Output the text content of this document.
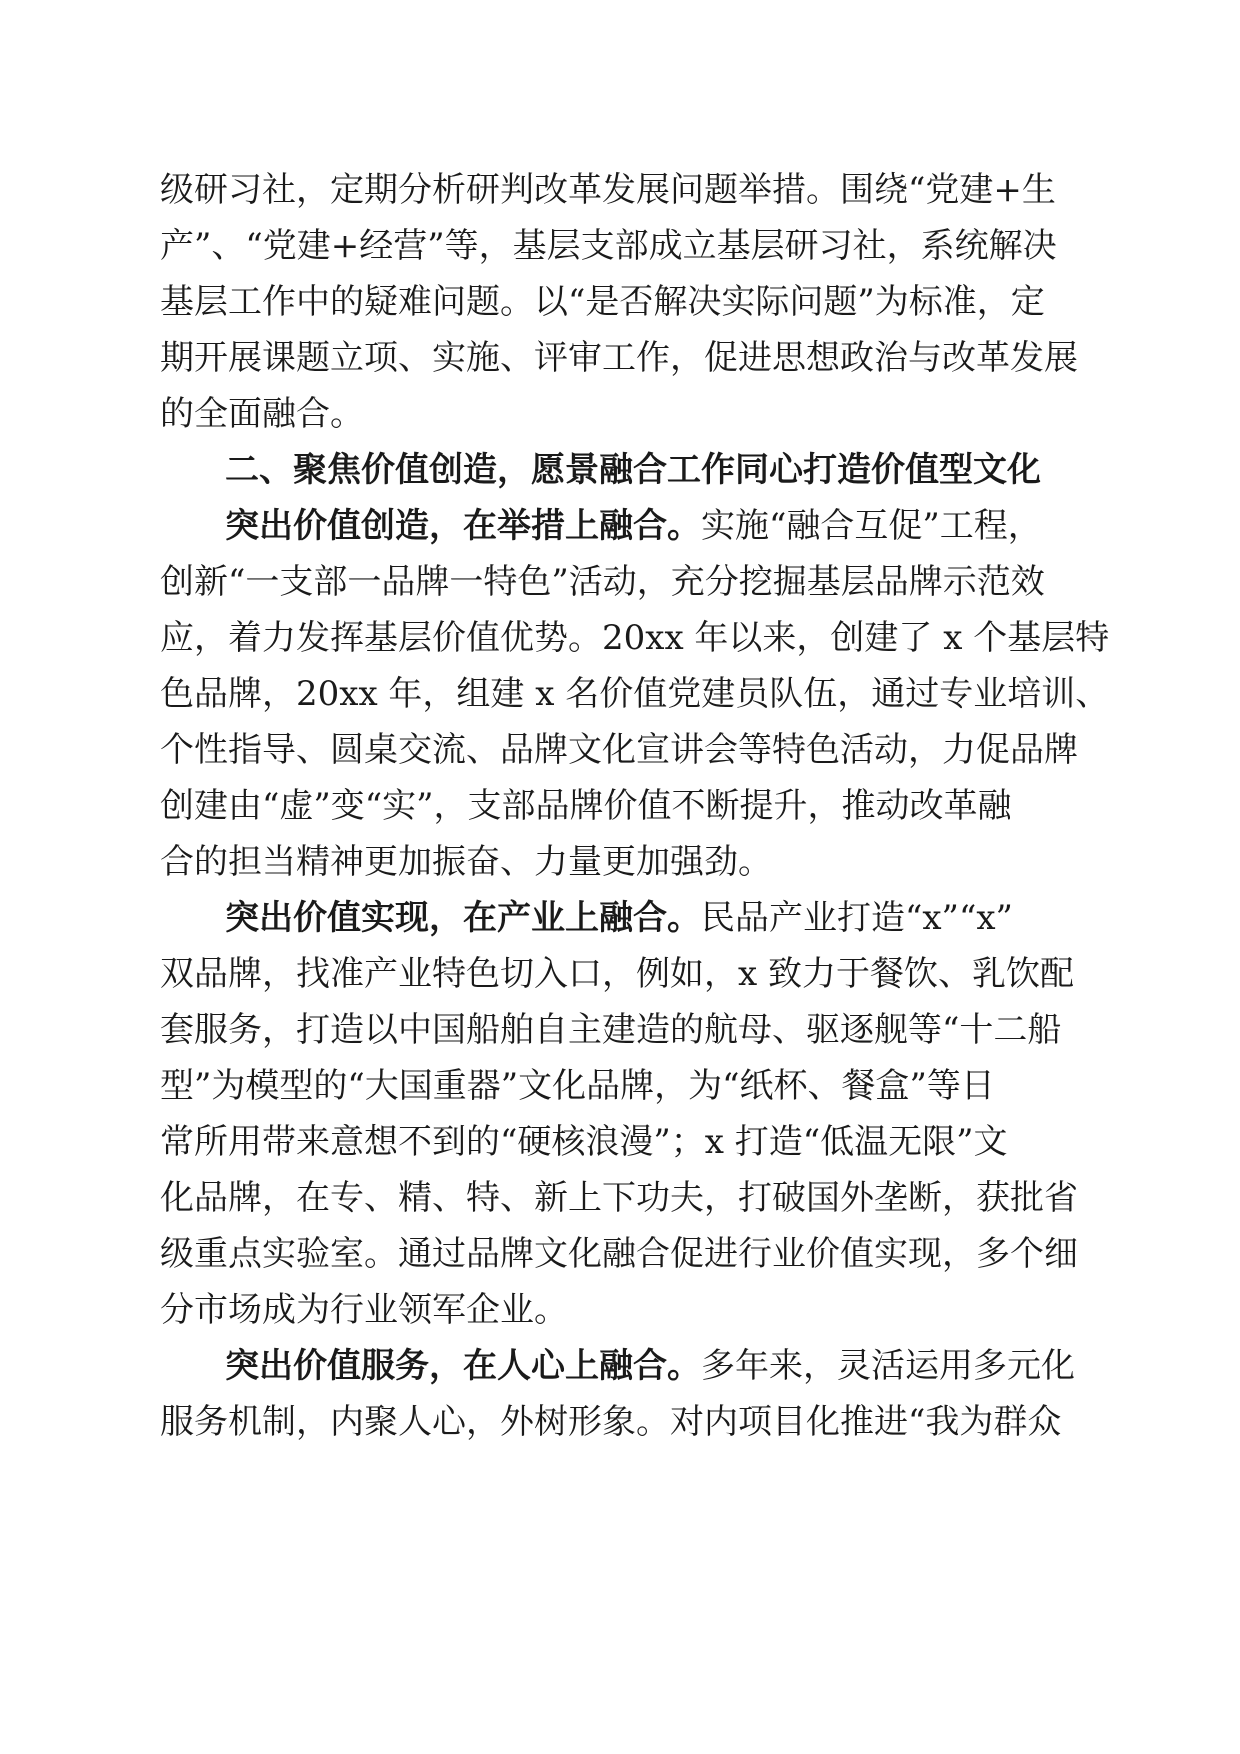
级研习社，定期分析研判改革发展问题举措。围绕“党建+生
产”、“党建+经营”等，基层支部成立基层研习社，系统解决
基层工作中的疑难问题。以“是否解决实际问题”为标准，定
期开展课题立项、实施、评审工作，促进思想政治与改革发展
的全面融合。
二、聚焦价值创造，愿景融合工作同心打造价值型文化
突出价值创造，在举措上融合。实施“融合互促”工程，
创新“一支部一品牌一特色”活动，充分挖掘基层品牌示范效
应，着力发挥基层价值优势。20xx 年以来，创建了 x 个基层特
色品牌，20xx 年，组建 x 名价值党建员队伍，通过专业培训、
个性指导、圆桌交流、品牌文化宣讲会等特色活动，力促品牌
创建由“虚”变“实”，支部品牌价值不断提升，推动改革融
合的担当精神更加振奋、力量更加强劲。
突出价值实现，在产业上融合。民品产业打造“x”“x”
双品牌，找准产业特色切入口，例如，x 致力于餐饮、乳饮配
套服务，打造以中国船舶自主建造的航母、驱逐舰等“十二船
型”为模型的“大国重器”文化品牌，为“纸杯、餐盒”等日
常所用带来意想不到的“硬核浪漫”；x 打造“低温无限”文
化品牌，在专、精、特、新上下功夫，打破国外垄断，获批省
级重点实验室。通过品牌文化融合促进行业价值实现，多个细
分市场成为行业领军企业。
突出价值服务，在人心上融合。多年来，灵活运用多元化
服务机制，内聚人心，外树形象。对内项目化推进“我为群众
